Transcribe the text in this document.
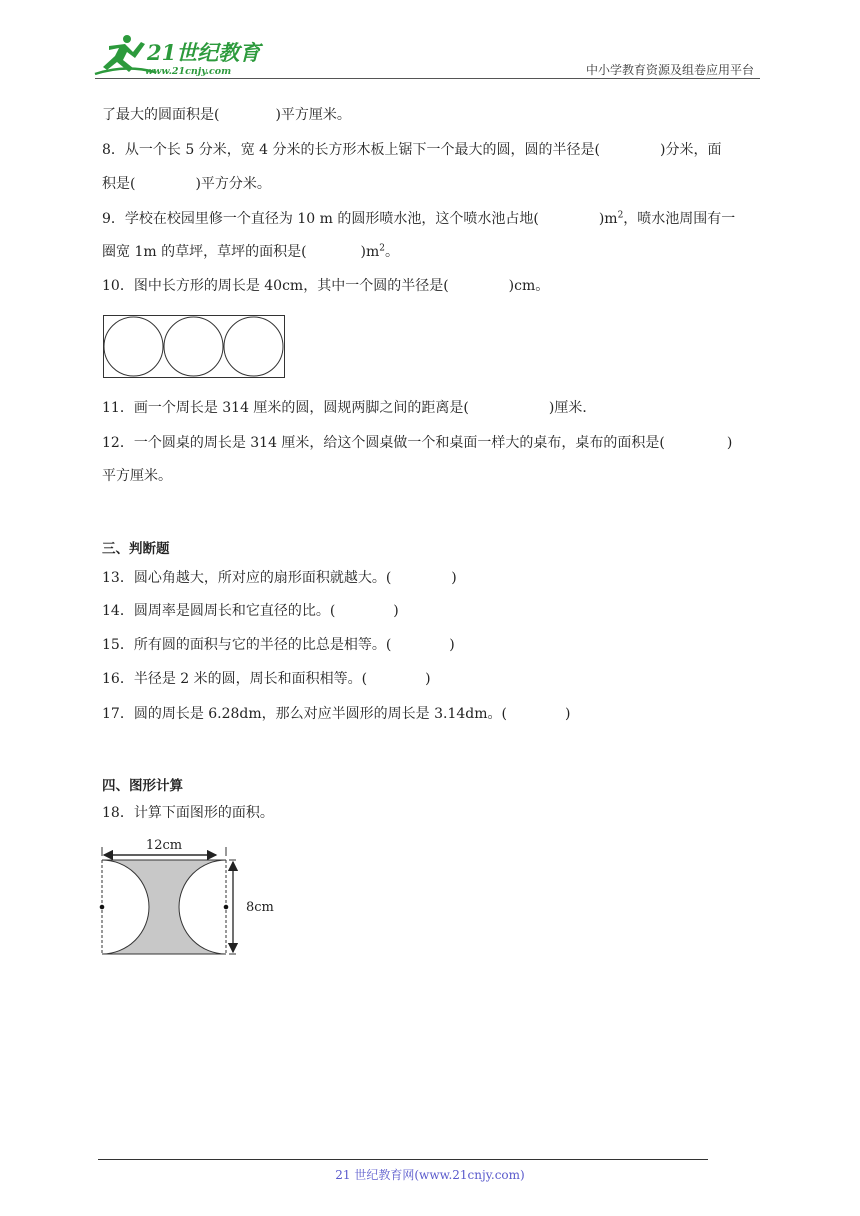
21世纪教育
www.21cnjy.com	中小学教育资源及组卷应用平台
了最大的圆面积是(	)平方厘米。
8．从一个长 5 分米，宽 4 分米的长方形木板上锯下一个最大的圆，圆的半径是(	)分米，面
积是(	)平方分米。
9．学校在校园里修一个直径为 10 m 的圆形喷水池，这个喷水池占地(	)$m^2$，喷水池周围有一
圈宽 1m 的草坪，草坪的面积是(	)$m^2$。
10．图中长方形的周长是 40cm，其中一个圆的半径是(	)cm。
11．画一个周长是 314 厘米的圆，圆规两脚之间的距离是(	)厘米．
12．一个圆桌的周长是 314 厘米，给这个圆桌做一个和桌面一样大的桌布，桌布的面积是(	)
平方厘米。
三、判断题
13．圆心角越大，所对应的扇形面积就越大。(	)
14．圆周率是圆周长和它直径的比。(	)
15．所有圆的面积与它的半径的比总是相等。(	)
16．半径是 2 米的圆，周长和面积相等。(	)
17．圆的周长是 6.28dm，那么对应半圆形的周长是 3.14dm。(	)
四、图形计算
18．计算下面图形的面积。
12cm
8cm
21 世纪教育网(www.21cnjy.com)
